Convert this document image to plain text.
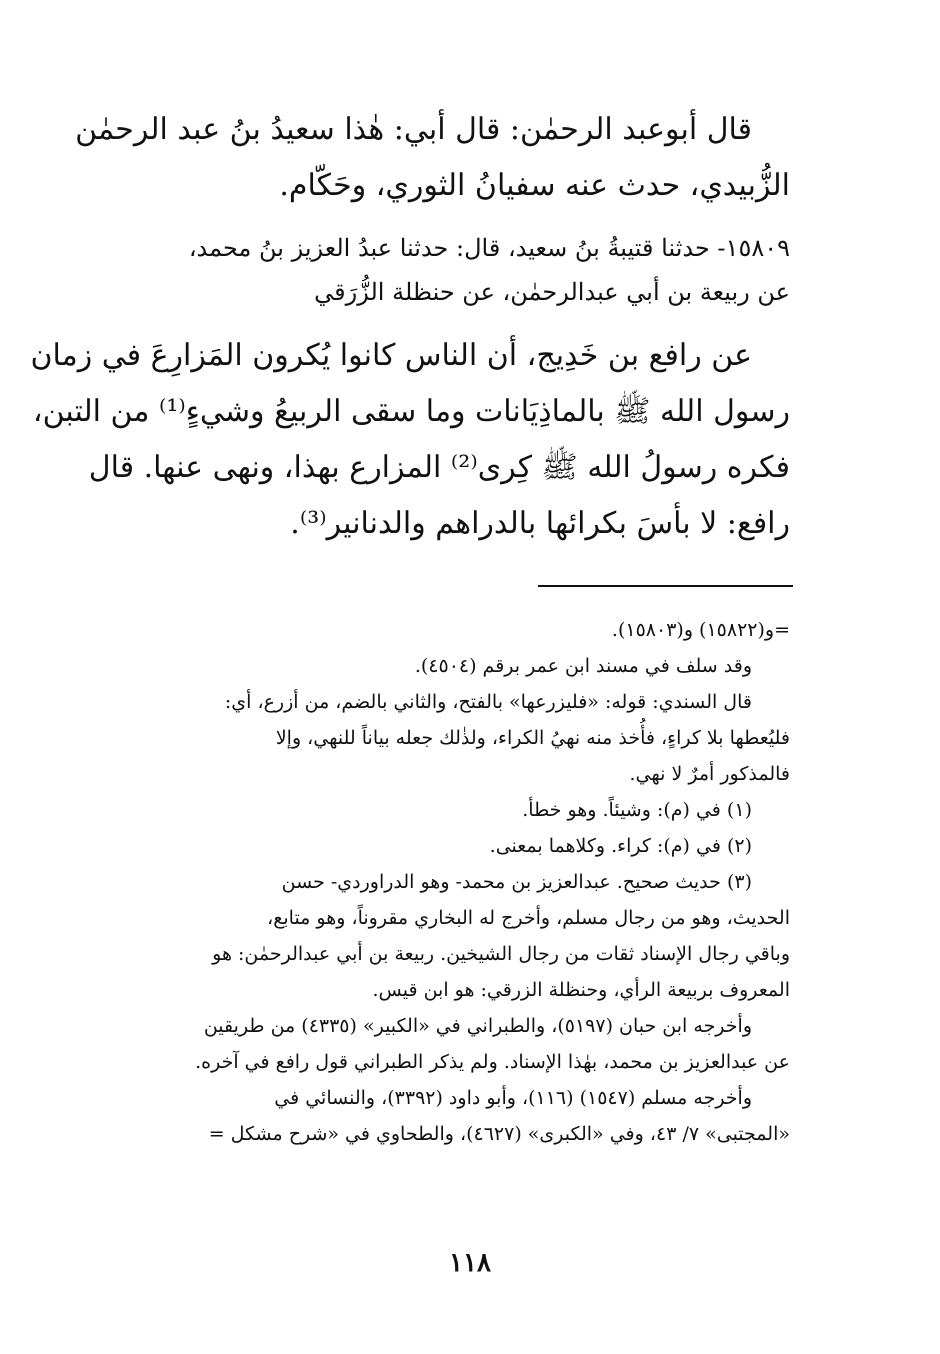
قال أبوعبد الرحمٰن: قال أبي: هٰذا سعيدُ بنُ عبد الرحمٰن
الزُّبيدي، حدث عنه سفيانُ الثوري، وحَكّام.
١٥٨٠٩- حدثنا قتيبةُ بنُ سعيد، قال: حدثنا عبدُ العزيز بنُ محمد،
عن ربيعة بن أبي عبدالرحمٰن، عن حنظلة الزُّرَقي
عن رافع بن خَدِيج، أن الناس كانوا يُكرون المَزارِعَ في زمان
رسول الله ﷺ بالماذِيَانات وما سقى الربيعُ وشيءٍ⁽¹⁾ من التبن،
فكره رسولُ الله ﷺ كِرى⁽²⁾ المزارع بهذا، ونهى عنها. قال
رافع: لا بأسَ بكرائها بالدراهم والدنانير⁽³⁾.
=و(١٥٨٢٢) و(١٥٨٠٣).
وقد سلف في مسند ابن عمر برقم (٤٥٠٤).
قال السندي: قوله: «فليزرعها» بالفتح، والثاني بالضم، من أزرع، أي:
فليُعطها بلا كراءٍ، فأُخذ منه نهيُ الكراء، ولذٰلك جعله بياناً للنهي، وإلا
فالمذكور أمرٌ لا نهي.
(١) في (م): وشيئاً. وهو خطأ.
(٢) في (م): كراء. وكلاهما بمعنى.
(٣) حديث صحيح. عبدالعزيز بن محمد- وهو الدراوردي- حسن
الحديث، وهو من رجال مسلم، وأخرج له البخاري مقروناً، وهو متابع،
وباقي رجال الإسناد ثقات من رجال الشيخين. ربيعة بن أبي عبدالرحمٰن: هو
المعروف بربيعة الرأي، وحنظلة الزرقي: هو ابن قيس.
وأخرجه ابن حبان (٥١٩٧)، والطبراني في «الكبير» (٤٣٣٥) من طريقين
عن عبدالعزيز بن محمد، بهٰذا الإسناد. ولم يذكر الطبراني قول رافع في آخره.
وأخرجه مسلم (١٥٤٧) (١١٦)، وأبو داود (٣٣٩٢)، والنسائي في
«المجتبى» ٧/ ٤٣، وفي «الكبرى» (٤٦٢٧)، والطحاوي في «شرح مشكل =
١١٨
